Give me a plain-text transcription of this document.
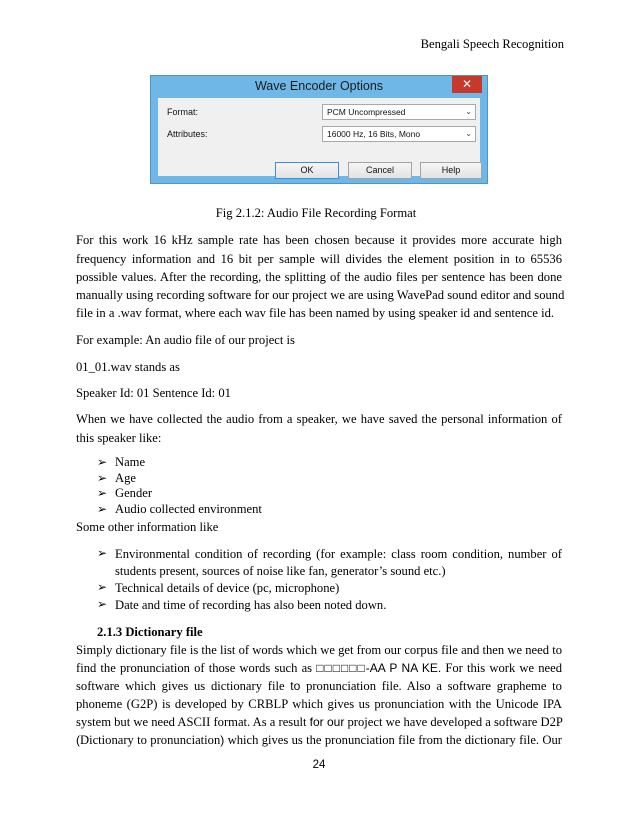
Bengali Speech Recognition
Wave Encoder Options	✕
Format:	PCM Uncompressed	⌄
Attributes:	16000 Hz, 16 Bits, Mono	⌄
OK	Cancel	Help
Fig 2.1.2: Audio File Recording Format
For this work 16 kHz sample rate has been chosen because it provides more accurate high
frequency information and 16 bit per sample will divides the element position in to 65536
possible values. After the recording, the splitting of the audio files per sentence has been done
manually using recording software for our project we are using WavePad sound editor and sound
file in a .wav format, where each wav file has been named by using speaker id and sentence id.
For example: An audio file of our project is
01_01.wav stands as
Speaker Id: 01 Sentence Id: 01
When we have collected the audio from a speaker, we have saved the personal information of
this speaker like:
➢ Name
➢ Age
➢ Gender
➢ Audio collected environment
Some other information like
➢ Environmental condition of recording (for example: class room condition, number of
students present, sources of noise like fan, generator’s sound etc.)
➢ Technical details of device (pc, microphone)
➢ Date and time of recording has also been noted down.
2.1.3 Dictionary file
Simply dictionary file is the list of words which we get from our corpus file and then we need to
find the pronunciation of those words such as □□□□□□-AA P NA KE. For this work we need
software which gives us dictionary file to pronunciation file. Also a software grapheme to
phoneme (G2P) is developed by CRBLP which gives us pronunciation with the Unicode IPA
system but we need ASCII format. As a result for our project we have developed a software D2P
(Dictionary to pronunciation) which gives us the pronunciation file from the dictionary file. Our
24
